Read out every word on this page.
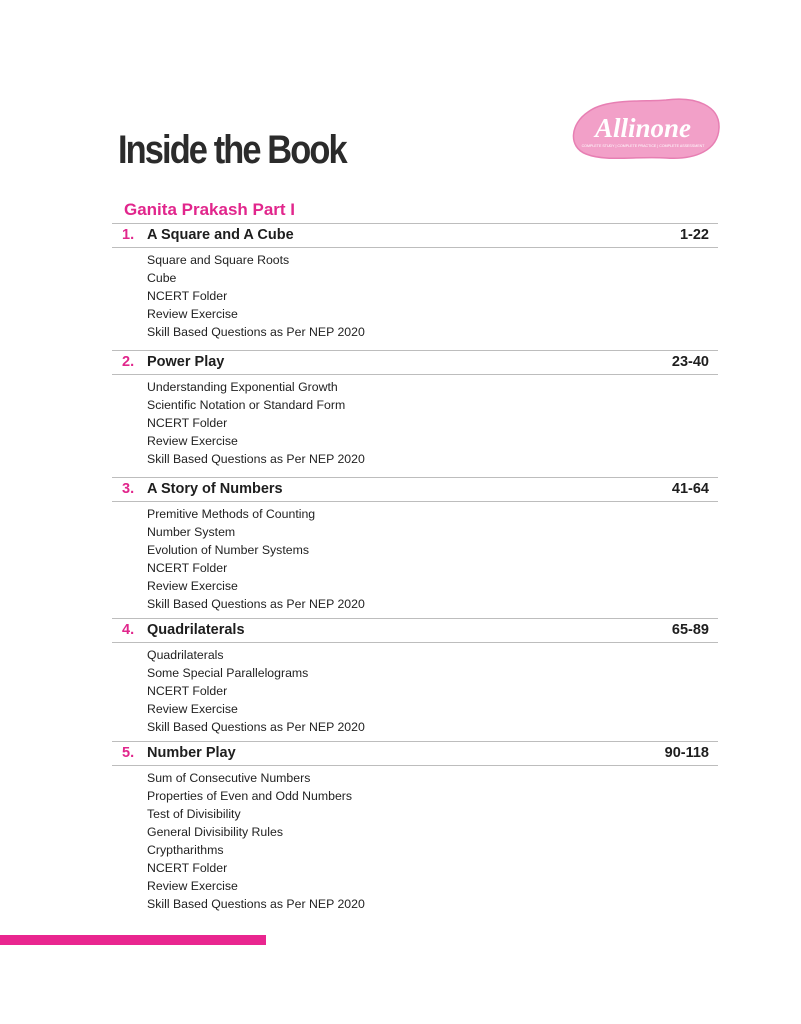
Inside the Book	Allinone
COMPLETE STUDY | COMPLETE PRACTICE | COMPLETE ASSESSMENT
Ganita Prakash Part I
1. A Square and A Cube	1-22
Square and Square Roots
Cube
NCERT Folder
Review Exercise
Skill Based Questions as Per NEP 2020
2. Power Play	23-40
Understanding Exponential Growth
Scientific Notation or Standard Form
NCERT Folder
Review Exercise
Skill Based Questions as Per NEP 2020
3. A Story of Numbers	41-64
Premitive Methods of Counting
Number System
Evolution of Number Systems
NCERT Folder
Review Exercise
Skill Based Questions as Per NEP 2020
4. Quadrilaterals	65-89
Quadrilaterals
Some Special Parallelograms
NCERT Folder
Review Exercise
Skill Based Questions as Per NEP 2020
5. Number Play	90-118
Sum of Consecutive Numbers
Properties of Even and Odd Numbers
Test of Divisibility
General Divisibility Rules
Cryptharithms
NCERT Folder
Review Exercise
Skill Based Questions as Per NEP 2020
